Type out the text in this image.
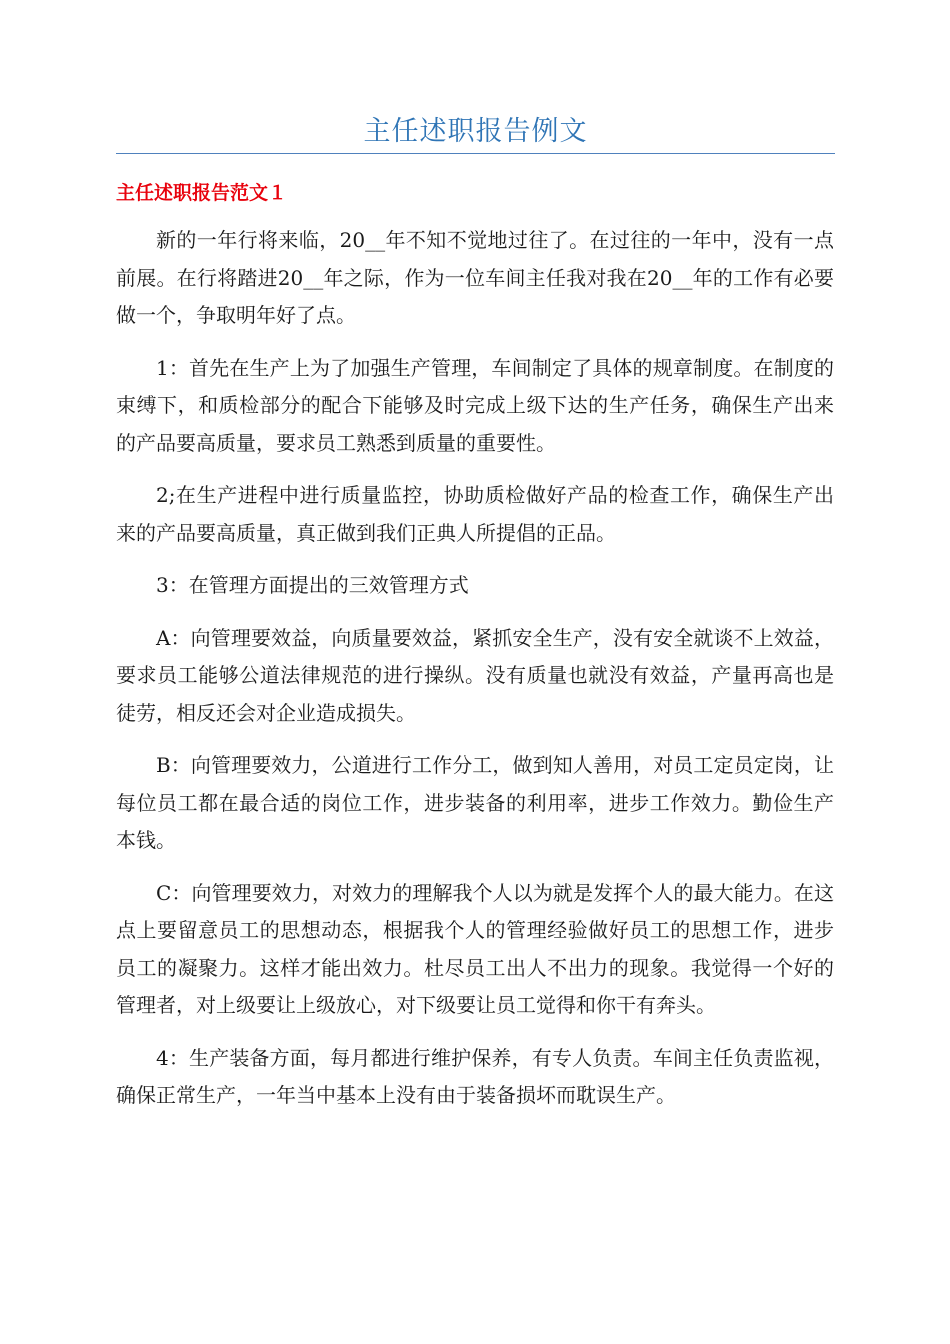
主任述职报告例文
主任述职报告范文１

新的一年行将来临，20__年不知不觉地过往了。在过往的一年中，没有一点前展。在行将踏进20__年之际，作为一位车间主任我对我在20__年的工作有必要做一个，争取明年好了点。

1：首先在生产上为了加强生产管理，车间制定了具体的规章制度。在制度的束缚下，和质检部分的配合下能够及时完成上级下达的生产任务，确保生产出来的产品要高质量，要求员工熟悉到质量的重要性。

2;在生产进程中进行质量监控，协助质检做好产品的检查工作，确保生产出来的产品要高质量，真正做到我们正典人所提倡的正品。

3：在管理方面提出的三效管理方式

A：向管理要效益，向质量要效益，紧抓安全生产，没有安全就谈不上效益，要求员工能够公道法律规范的进行操纵。没有质量也就没有效益，产量再高也是徒劳，相反还会对企业造成损失。

B：向管理要效力，公道进行工作分工，做到知人善用，对员工定员定岗，让每位员工都在最合适的岗位工作，进步装备的利用率，进步工作效力。勤俭生产本钱。

C：向管理要效力，对效力的理解我个人以为就是发挥个人的最大能力。在这点上要留意员工的思想动态，根据我个人的管理经验做好员工的思想工作，进步员工的凝聚力。这样才能出效力。杜尽员工出人不出力的现象。我觉得一个好的管理者，对上级要让上级放心，对下级要让员工觉得和你干有奔头。

4：生产装备方面，每月都进行维护保养，有专人负责。车间主任负责监视，确保正常生产，一年当中基本上没有由于装备损坏而耽误生产。
